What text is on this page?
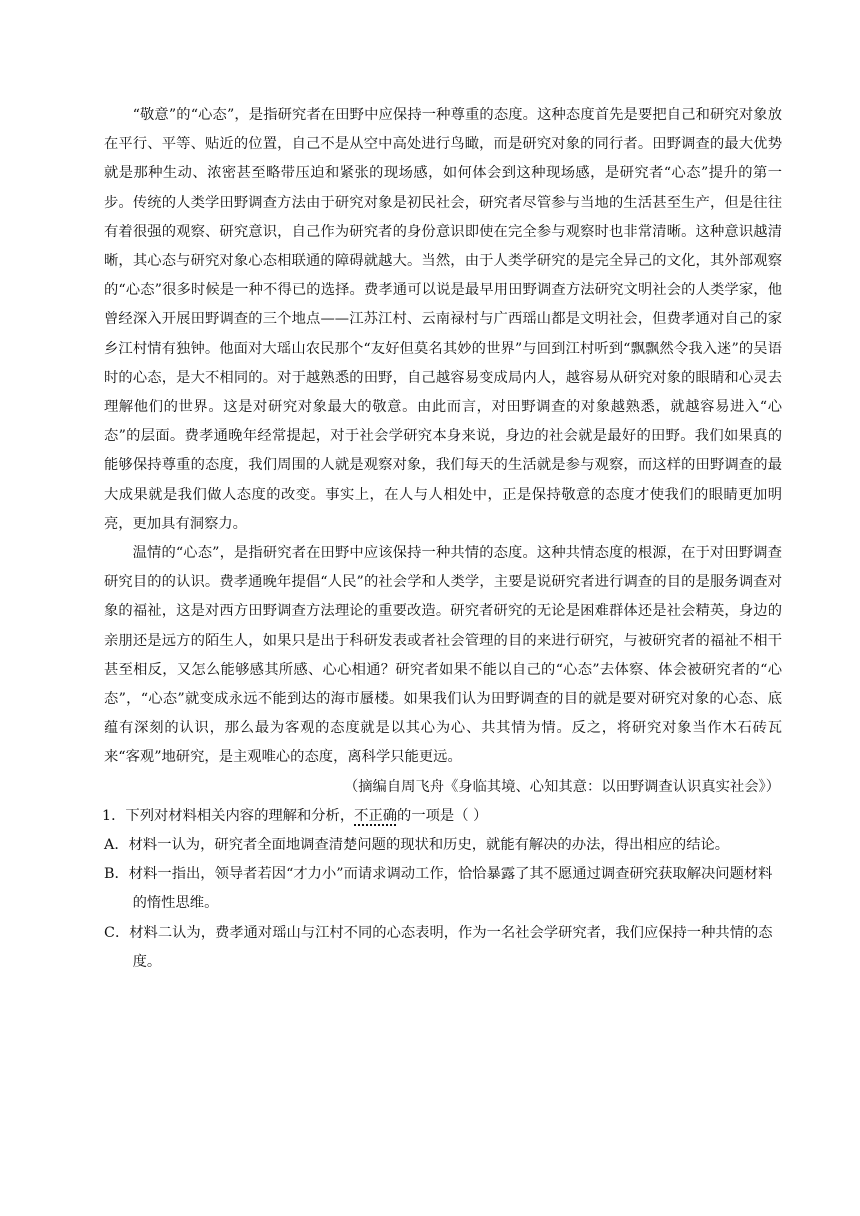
“敬意”的“心态”，是指研究者在田野中应保持一种尊重的态度。这种态度首先是要把自己和研究对象放在平行、平等、贴近的位置，自己不是从空中高处进行鸟瞰，而是研究对象的同行者。田野调查的最大优势就是那种生动、浓密甚至略带压迫和紧张的现场感，如何体会到这种现场感，是研究者“心态”提升的第一步。传统的人类学田野调查方法由于研究对象是初民社会，研究者尽管参与当地的生活甚至生产，但是往往有着很强的观察、研究意识，自己作为研究者的身份意识即使在完全参与观察时也非常清晰。这种意识越清晰，其心态与研究对象心态相联通的障碍就越大。当然，由于人类学研究的是完全异己的文化，其外部观察的“心态”很多时候是一种不得已的选择。费孝通可以说是最早用田野调查方法研究文明社会的人类学家，他曾经深入开展田野调查的三个地点——江苏江村、云南禄村与广西瑶山都是文明社会，但费孝通对自己的家乡江村情有独钟。他面对大瑶山农民那个“友好但莫名其妙的世界”与回到江村听到“飘飘然令我入迷”的吴语时的心态，是大不相同的。对于越熟悉的田野，自己越容易变成局内人，越容易从研究对象的眼睛和心灵去理解他们的世界。这是对研究对象最大的敬意。由此而言，对田野调查的对象越熟悉，就越容易进入“心态”的层面。费孝通晚年经常提起，对于社会学研究本身来说，身边的社会就是最好的田野。我们如果真的能够保持尊重的态度，我们周围的人就是观察对象，我们每天的生活就是参与观察，而这样的田野调查的最大成果就是我们做人态度的改变。事实上，在人与人相处中，正是保持敬意的态度才使我们的眼睛更加明亮，更加具有洞察力。

温情的“心态”，是指研究者在田野中应该保持一种共情的态度。这种共情态度的根源，在于对田野调查研究目的的认识。费孝通晚年提倡“人民”的社会学和人类学，主要是说研究者进行调查的目的是服务调查对象的福祉，这是对西方田野调查方法理论的重要改造。研究者研究的无论是困难群体还是社会精英，身边的亲朋还是远方的陌生人，如果只是出于科研发表或者社会管理的目的来进行研究，与被研究者的福祉不相干甚至相反，又怎么能够感其所感、心心相通？研究者如果不能以自己的“心态”去体察、体会被研究者的“心态”，“心态”就变成永远不能到达的海市蜃楼。如果我们认为田野调查的目的就是要对研究对象的心态、底蕴有深刻的认识，那么最为客观的态度就是以其心为心、共其情为情。反之，将研究对象当作木石砖瓦来“客观”地研究，是主观唯心的态度，离科学只能更远。

（摘编自周飞舟《身临其境、心知其意：以田野调查认识真实社会》）

1．下列对材料相关内容的理解和分析，不正确的一项是（ ）

A．材料一认为，研究者全面地调查清楚问题的现状和历史，就能有解决的办法，得出相应的结论。

B．材料一指出，领导者若因“才力小”而请求调动工作，恰恰暴露了其不愿通过调查研究获取解决问题材料的惰性思维。

C．材料二认为，费孝通对瑶山与江村不同的心态表明，作为一名社会学研究者，我们应保持一种共情的态度。
